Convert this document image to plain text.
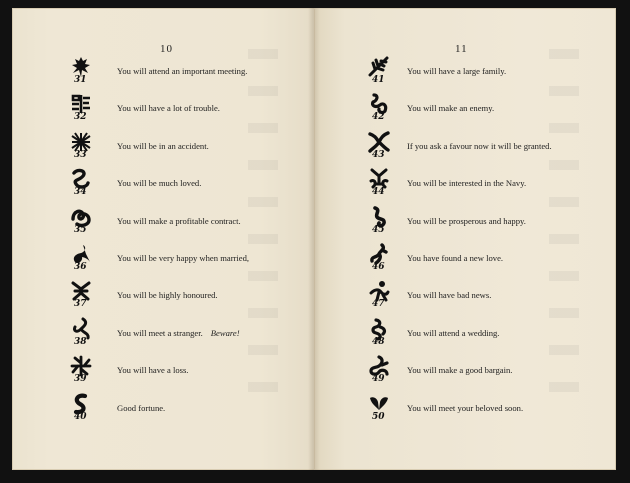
10
31
You will attend an important meeting.
32
You will have a lot of trouble.
33
You will be in an accident.
34
You will be much loved.
35
You will make a profitable contract.
36
You will be very happy when married,
37
You will be highly honoured.
38
You will meet a stranger. Beware!
39
You will have a loss.
40
Good fortune.
11
41
You will have a large family.
42
You will make an enemy.
43
If you ask a favour now it will be granted.
44
You will be interested in the Navy.
45
You will be prosperous and happy.
46
You have found a new love.
47
You will have bad news.
48
You will attend a wedding.
49
You will make a good bargain.
50
You will meet your beloved soon.
